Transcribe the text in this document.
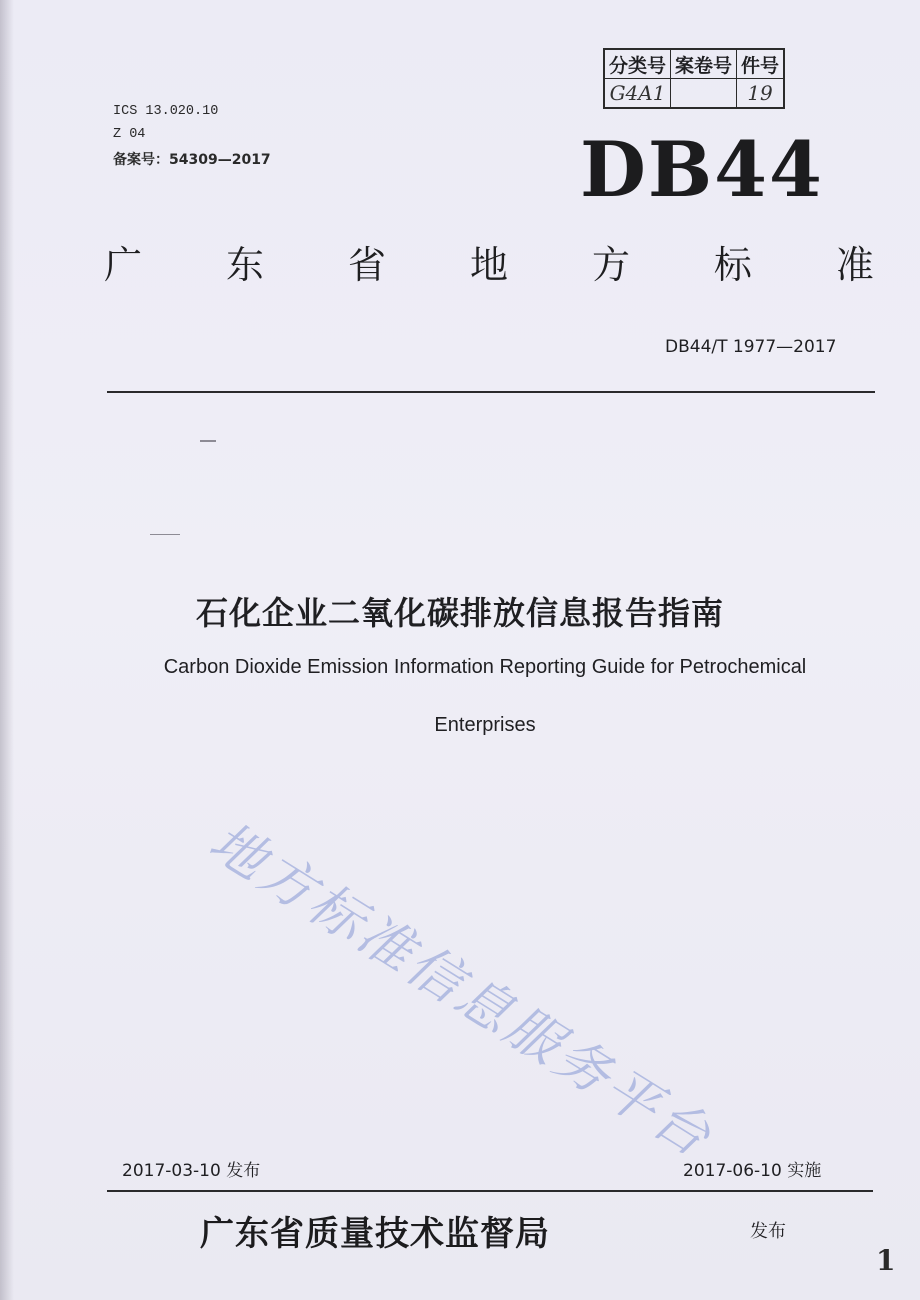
分类号	案卷号	件号
G4A1		19
ICS 13.020.10
Z 04
备案号：54309—2017	DB44
广 东 省 地 方 标 准
DB44/T 1977—2017
石化企业二氧化碳排放信息报告指南
Carbon Dioxide Emission Information Reporting Guide for Petrochemical
Enterprises
地方标准信息服务平台
2017-03-10 发布	2017-06-10 实施
广东省质量技术监督局	发布
1
